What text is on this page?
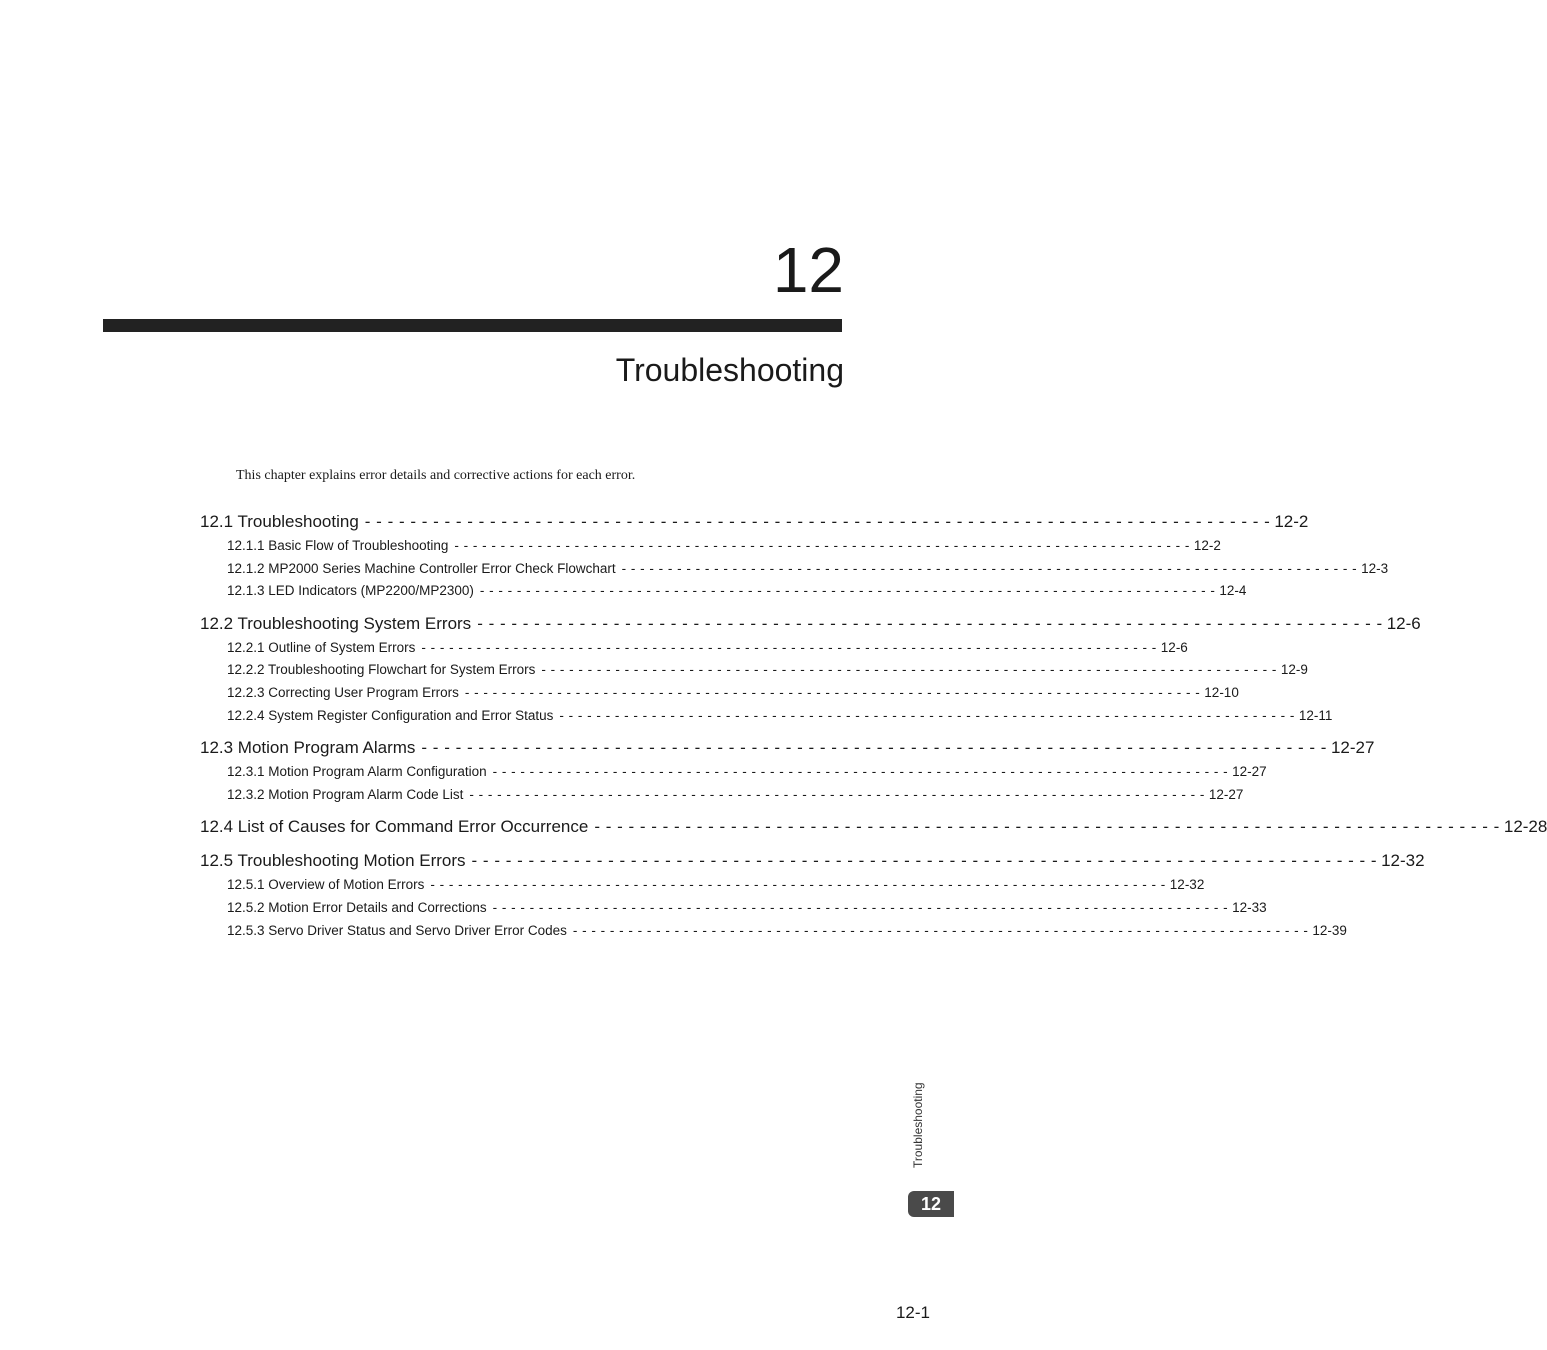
12
Troubleshooting
This chapter explains error details and corrective actions for each error.
12.1 Troubleshooting - - - - - - - - - - - - - - - - - - - - - - - - - - - - - - - - - - - - - - - - - - - - - - - - - - - - - - - - - - - - - - - - - - - - - - - - - - - - - - - - 12-2
12.1.1 Basic Flow of Troubleshooting - - - - - - - - - - - - - - - - - - - - - - - - - - - - - - - - - - - - - - - - - - - - - - - - - - - - - - - - - - - - - - - - - - - - - - - - - - - - - - - - 12-2
12.1.2 MP2000 Series Machine Controller Error Check Flowchart - - - - - - - - - - - - - - - - - - - - - - - - - - - - - - - - - - - - - - - - - - - - - - - - - - - - - - - - - - - - - - - - - - - - - - - - - - - - - - - - 12-3
12.1.3 LED Indicators (MP2200/MP2300) - - - - - - - - - - - - - - - - - - - - - - - - - - - - - - - - - - - - - - - - - - - - - - - - - - - - - - - - - - - - - - - - - - - - - - - - - - - - - - - - 12-4
12.2 Troubleshooting System Errors - - - - - - - - - - - - - - - - - - - - - - - - - - - - - - - - - - - - - - - - - - - - - - - - - - - - - - - - - - - - - - - - - - - - - - - - - - - - - - - - 12-6
12.2.1 Outline of System Errors - - - - - - - - - - - - - - - - - - - - - - - - - - - - - - - - - - - - - - - - - - - - - - - - - - - - - - - - - - - - - - - - - - - - - - - - - - - - - - - - 12-6
12.2.2 Troubleshooting Flowchart for System Errors - - - - - - - - - - - - - - - - - - - - - - - - - - - - - - - - - - - - - - - - - - - - - - - - - - - - - - - - - - - - - - - - - - - - - - - - - - - - - - - - 12-9
12.2.3 Correcting User Program Errors - - - - - - - - - - - - - - - - - - - - - - - - - - - - - - - - - - - - - - - - - - - - - - - - - - - - - - - - - - - - - - - - - - - - - - - - - - - - - - - - 12-10
12.2.4 System Register Configuration and Error Status - - - - - - - - - - - - - - - - - - - - - - - - - - - - - - - - - - - - - - - - - - - - - - - - - - - - - - - - - - - - - - - - - - - - - - - - - - - - - - - - 12-11
12.3 Motion Program Alarms - - - - - - - - - - - - - - - - - - - - - - - - - - - - - - - - - - - - - - - - - - - - - - - - - - - - - - - - - - - - - - - - - - - - - - - - - - - - - - - - 12-27
12.3.1 Motion Program Alarm Configuration - - - - - - - - - - - - - - - - - - - - - - - - - - - - - - - - - - - - - - - - - - - - - - - - - - - - - - - - - - - - - - - - - - - - - - - - - - - - - - - - 12-27
12.3.2 Motion Program Alarm Code List - - - - - - - - - - - - - - - - - - - - - - - - - - - - - - - - - - - - - - - - - - - - - - - - - - - - - - - - - - - - - - - - - - - - - - - - - - - - - - - - 12-27
12.4 List of Causes for Command Error Occurrence - - - - - - - - - - - - - - - - - - - - - - - - - - - - - - - - - - - - - - - - - - - - - - - - - - - - - - - - - - - - - - - - - - - - - - - - - - - - - - - - 12-28
12.5 Troubleshooting Motion Errors - - - - - - - - - - - - - - - - - - - - - - - - - - - - - - - - - - - - - - - - - - - - - - - - - - - - - - - - - - - - - - - - - - - - - - - - - - - - - - - - 12-32
12.5.1 Overview of Motion Errors - - - - - - - - - - - - - - - - - - - - - - - - - - - - - - - - - - - - - - - - - - - - - - - - - - - - - - - - - - - - - - - - - - - - - - - - - - - - - - - - 12-32
12.5.2 Motion Error Details and Corrections - - - - - - - - - - - - - - - - - - - - - - - - - - - - - - - - - - - - - - - - - - - - - - - - - - - - - - - - - - - - - - - - - - - - - - - - - - - - - - - - 12-33
12.5.3 Servo Driver Status and Servo Driver Error Codes - - - - - - - - - - - - - - - - - - - - - - - - - - - - - - - - - - - - - - - - - - - - - - - - - - - - - - - - - - - - - - - - - - - - - - - - - - - - - - - - 12-39
Troubleshooting
12
12-1
